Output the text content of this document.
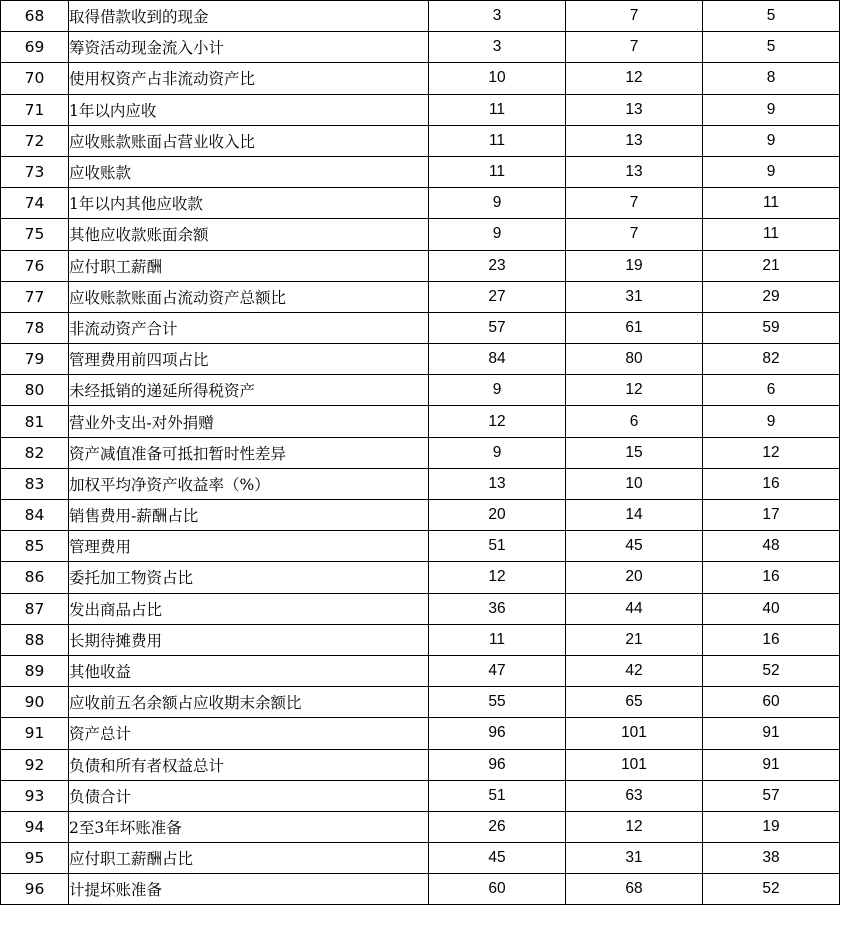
68	取得借款收到的现金	3	7	5
69	筹资活动现金流入小计	3	7	5
70	使用权资产占非流动资产比	10	12	8
71	1年以内应收	11	13	9
72	应收账款账面占营业收入比	11	13	9
73	应收账款	11	13	9
74	1年以内其他应收款	9	7	11
75	其他应收款账面余额	9	7	11
76	应付职工薪酬	23	19	21
77	应收账款账面占流动资产总额比	27	31	29
78	非流动资产合计	57	61	59
79	管理费用前四项占比	84	80	82
80	未经抵销的递延所得税资产	9	12	6
81	营业外支出-对外捐赠	12	6	9
82	资产减值准备可抵扣暂时性差异	9	15	12
83	加权平均净资产收益率（%）	13	10	16
84	销售费用-薪酬占比	20	14	17
85	管理费用	51	45	48
86	委托加工物资占比	12	20	16
87	发出商品占比	36	44	40
88	长期待摊费用	11	21	16
89	其他收益	47	42	52
90	应收前五名余额占应收期末余额比	55	65	60
91	资产总计	96	101	91
92	负债和所有者权益总计	96	101	91
93	负债合计	51	63	57
94	2至3年坏账准备	26	12	19
95	应付职工薪酬占比	45	31	38
96	计提坏账准备	60	68	52
